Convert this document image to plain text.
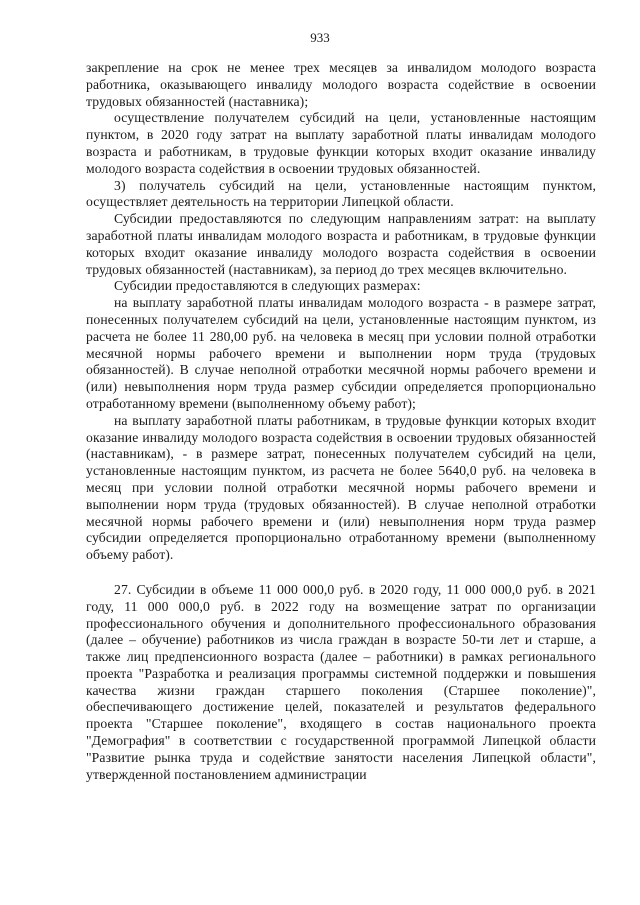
933

закрепление на срок не менее трех месяцев за инвалидом молодого возраста работника, оказывающего инвалиду молодого возраста содействие в освоении трудовых обязанностей (наставника);

осуществление получателем субсидий на цели, установленные настоящим пунктом, в 2020 году затрат на выплату заработной платы инвалидам молодого возраста и работникам, в трудовые функции которых входит оказание инвалиду молодого возраста содействия в освоении трудовых обязанностей.

3) получатель субсидий на цели, установленные настоящим пунктом, осуществляет деятельность на территории Липецкой области.

Субсидии предоставляются по следующим направлениям затрат: на выплату заработной платы инвалидам молодого возраста и работникам, в трудовые функции которых входит оказание инвалиду молодого возраста содействия в освоении трудовых обязанностей (наставникам), за период до трех месяцев включительно.

Субсидии предоставляются в следующих размерах:

на выплату заработной платы инвалидам молодого возраста - в размере затрат, понесенных получателем субсидий на цели, установленные настоящим пунктом, из расчета не более 11 280,00 руб. на человека в месяц при условии полной отработки месячной нормы рабочего времени и выполнении норм труда (трудовых обязанностей). В случае неполной отработки месячной нормы рабочего времени и (или) невыполнения норм труда размер субсидии определяется пропорционально отработанному времени (выполненному объему работ);

на выплату заработной платы работникам, в трудовые функции которых входит оказание инвалиду молодого возраста содействия в освоении трудовых обязанностей (наставникам), - в размере затрат, понесенных получателем субсидий на цели, установленные настоящим пунктом, из расчета не более 5640,0 руб. на человека в месяц при условии полной отработки месячной нормы рабочего времени и выполнении норм труда (трудовых обязанностей). В случае неполной отработки месячной нормы рабочего времени и (или) невыполнения норм труда размер субсидии определяется пропорционально отработанному времени (выполненному объему работ).

27. Субсидии в объеме 11 000 000,0 руб. в 2020 году, 11 000 000,0 руб. в 2021 году, 11 000 000,0 руб. в 2022 году на возмещение затрат по организации профессионального обучения и дополнительного профессионального образования (далее – обучение) работников из числа граждан в возрасте 50-ти лет и старше, а также лиц предпенсионного возраста (далее – работники) в рамках регионального проекта "Разработка и реализация программы системной поддержки и повышения качества жизни граждан старшего поколения (Старшее поколение)", обеспечивающего достижение целей, показателей и результатов федерального проекта "Старшее поколение", входящего в состав национального проекта "Демография" в соответствии с государственной программой Липецкой области "Развитие рынка труда и содействие занятости населения Липецкой области", утвержденной постановлением администрации
